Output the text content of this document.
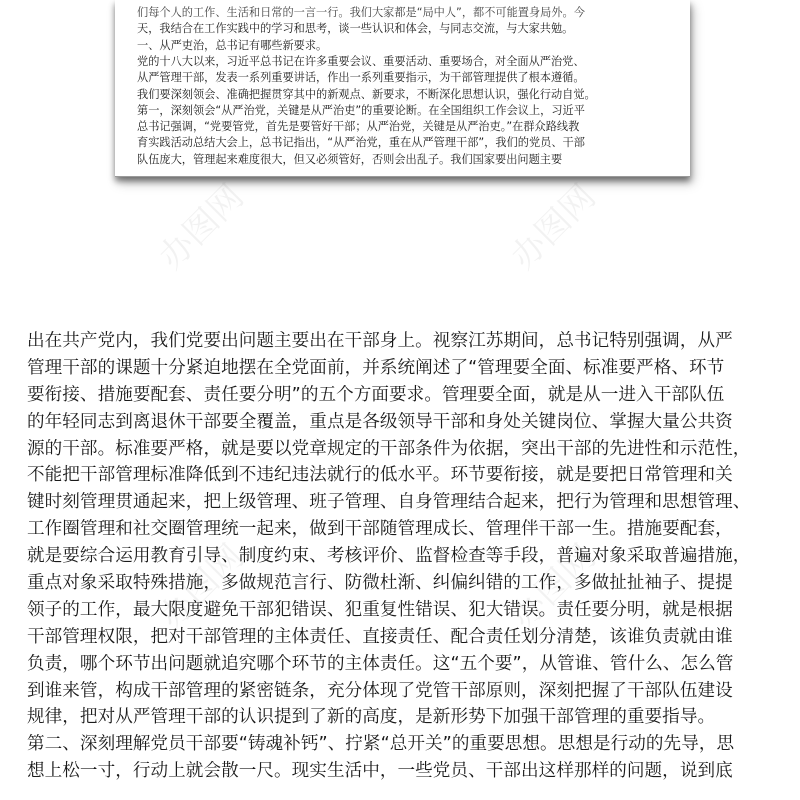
办图网	办图网
办图网	办图网
们每个人的工作、生活和日常的一言一行。我们大家都是“局中人”，都不可能置身局外。今
天，我结合在工作实践中的学习和思考，谈一些认识和体会，与同志交流，与大家共勉。
一、从严吏治，总书记有哪些新要求。
党的十八大以来，习近平总书记在许多重要会议、重要活动、重要场合，对全面从严治党、
从严管理干部，发表一系列重要讲话，作出一系列重要指示，为干部管理提供了根本遵循。
我们要深刻领会、准确把握贯穿其中的新观点、新要求，不断深化思想认识，强化行动自觉。
第一，深刻领会“从严治党，关键是从严治吏”的重要论断。在全国组织工作会议上，习近平
总书记强调，“党要管党，首先是要管好干部；从严治党，关键是从严治吏。”在群众路线教
育实践活动总结大会上，总书记指出，“从严治党，重在从严管理干部”，我们的党员、干部
队伍庞大，管理起来难度很大，但又必须管好，否则会出乱子。我们国家要出问题主要
出在共产党内，我们党要出问题主要出在干部身上。视察江苏期间，总书记特别强调，从严
管理干部的课题十分紧迫地摆在全党面前，并系统阐述了“管理要全面、标准要严格、环节
要衔接、措施要配套、责任要分明”的五个方面要求。管理要全面，就是从一进入干部队伍
的年轻同志到离退休干部要全覆盖，重点是各级领导干部和身处关键岗位、掌握大量公共资
源的干部。标准要严格，就是要以党章规定的干部条件为依据，突出干部的先进性和示范性，
不能把干部管理标准降低到不违纪违法就行的低水平。环节要衔接，就是要把日常管理和关
键时刻管理贯通起来，把上级管理、班子管理、自身管理结合起来，把行为管理和思想管理、
工作圈管理和社交圈管理统一起来，做到干部随管理成长、管理伴干部一生。措施要配套，
就是要综合运用教育引导、制度约束、考核评价、监督检查等手段，普遍对象采取普遍措施，
重点对象采取特殊措施，多做规范言行、防微杜渐、纠偏纠错的工作，多做扯扯袖子、提提
领子的工作，最大限度避免干部犯错误、犯重复性错误、犯大错误。责任要分明，就是根据
干部管理权限，把对干部管理的主体责任、直接责任、配合责任划分清楚，该谁负责就由谁
负责，哪个环节出问题就追究哪个环节的主体责任。这“五个要”，从管谁、管什么、怎么管
到谁来管，构成干部管理的紧密链条，充分体现了党管干部原则，深刻把握了干部队伍建设
规律，把对从严管理干部的认识提到了新的高度，是新形势下加强干部管理的重要指导。
第二、深刻理解党员干部要“铸魂补钙”、拧紧“总开关”的重要思想。思想是行动的先导，思
想上松一寸，行动上就会散一尺。现实生活中，一些党员、干部出这样那样的问题，说到底
